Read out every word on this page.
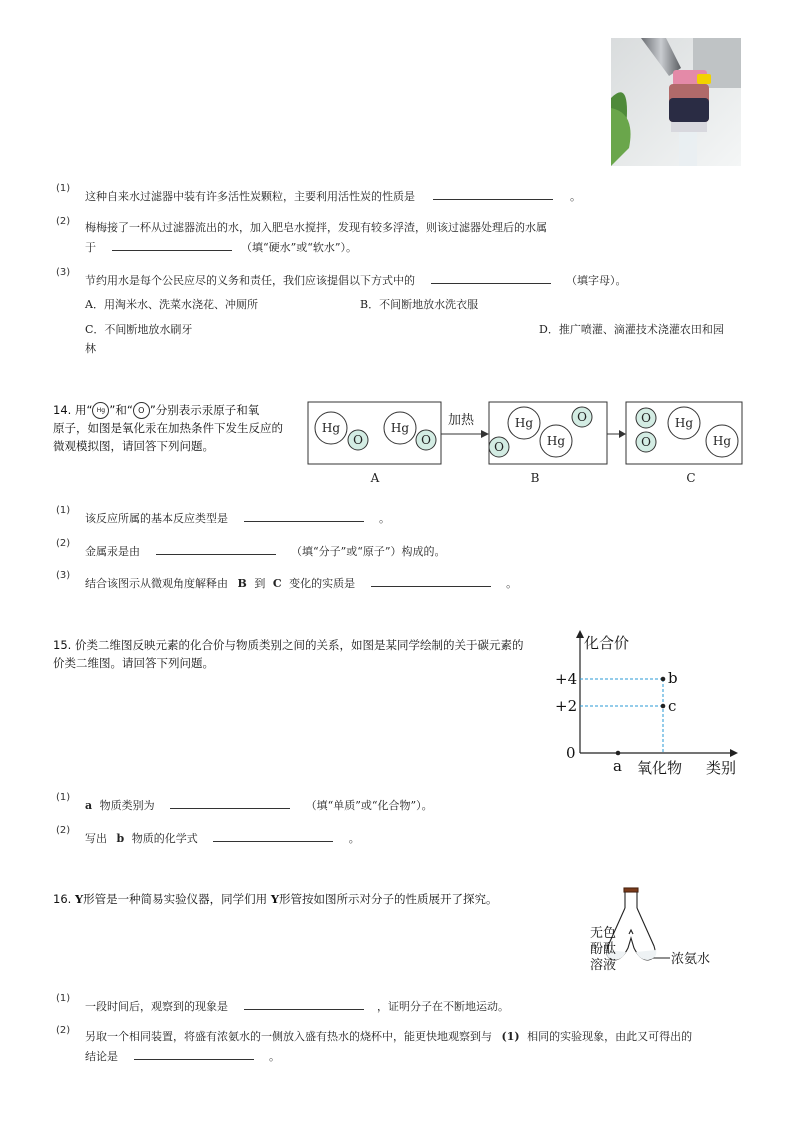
(1)
这种自来水过滤器中装有许多活性炭颗粒，主要利用活性炭的性质是	。
(2) 梅梅接了一杯从过滤器流出的水，加入肥皂水搅拌，发现有较多浮渣，则该过滤器处理后的水属
于	（填“硬水”或“软水”）。
(3)
节约用水是每个公民应尽的义务和责任，我们应该提倡以下方式中的	（填字母）。
A．用淘米水、洗菜水浇花、冲厕所	B．不间断地放水洗衣服
C．不间断地放水刷牙	D．推广喷灌、滴灌技术浇灌农田和园
林
14. 用“ Hg ”和“ O ”分别表示汞原子和氧
原子，如图是氧化汞在加热条件下发生反应的
微观模拟图，请回答下列问题。
Hg
O
Hg
O
A
加热	Hg
Hg
O
O
B
O
O
Hg
Hg
C
(1)
该反应所属的基本反应类型是	。
(2)
金属汞是由	（填“分子”或“原子”）构成的。
(3)
结合该图示从微观角度解释由 B 到 C 变化的实质是	。
15. 价类二维图反映元素的化合价与物质类别之间的关系，如图是某同学绘制的关于碳元素的
价类二维图。请回答下列问题。
化合价
+4
+2
0
b
c
a 氧化物 类别
(1)
a 物质类别为	（填“单质”或“化合物”）。
(2)
写出 b 物质的化学式	。
16. Y形管是一种简易实验仪器，同学们用 Y形管按如图所示对分子的性质展开了探究。
无色
酚酞
溶液	浓氨水
(1)
一段时间后，观察到的现象是	，证明分子在不断地运动。
(2) 另取一个相同装置，将盛有浓氨水的一侧放入盛有热水的烧杯中，能更快地观察到与 (1) 相同的实验现象，由此又可得出的
结论是	。
